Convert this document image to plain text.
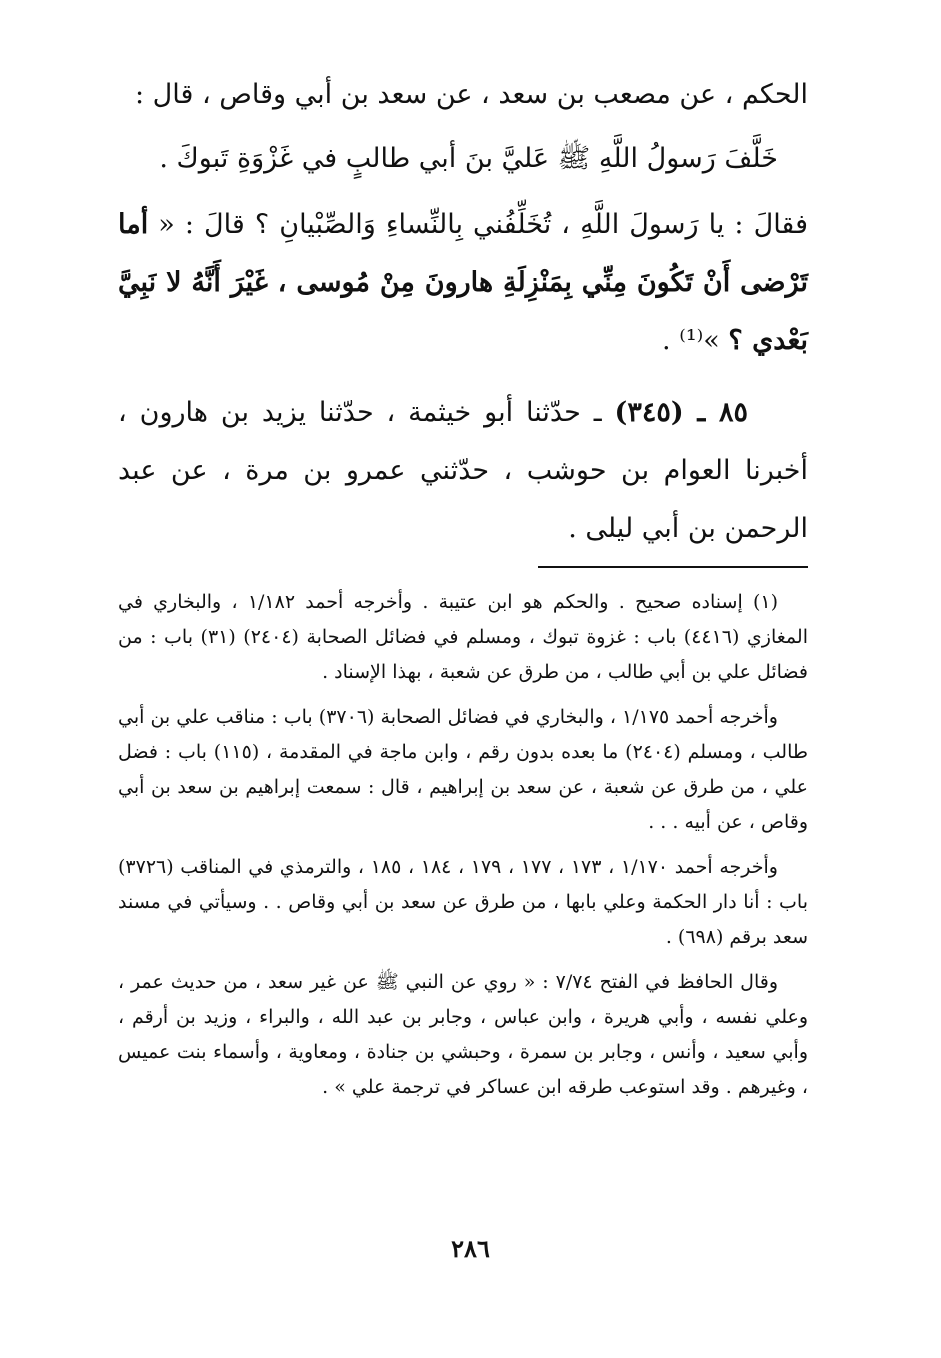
الحكم ، عن مصعب بن سعد ، عن سعد بن أبي وقاص ، قال :

خَلَّفَ رَسولُ اللَّهِ ﷺ عَليَّ بنَ أبي طالبٍ في غَزْوَةِ تَبوكَ .

فقالَ : يا رَسولَ اللَّهِ ، تُخَلِّفُني بِالنِّساءِ وَالصِّبْيانِ ؟ قالَ : « أما تَرْضى أَنْ تَكُونَ مِنِّي بِمَنْزِلَةِ هارونَ مِنْ مُوسى ، غَيْرَ أَنَّهُ لا نَبِيَّ بَعْدي ؟ »⁽¹⁾ .

٨٥ ـ (٣٤٥) ـ حدّثنا أبو خيثمة ، حدّثنا يزيد بن هارون ، أخبرنا العوام بن حوشب ، حدّثني عمرو بن مرة ، عن عبد الرحمن بن أبي ليلى .

(١) إسناده صحيح . والحكم هو ابن عتيبة . وأخرجه أحمد ١/١٨٢ ، والبخاري في المغازي (٤٤١٦) باب : غزوة تبوك ، ومسلم في فضائل الصحابة (٢٤٠٤) (٣١) باب : من فضائل علي بن أبي طالب ، من طرق عن شعبة ، بهذا الإسناد .

وأخرجه أحمد ١/١٧٥ ، والبخاري في فضائل الصحابة (٣٧٠٦) باب : مناقب علي بن أبي طالب ، ومسلم (٢٤٠٤) ما بعده بدون رقم ، وابن ماجة في المقدمة ، (١١٥) باب : فضل علي ، من طرق عن شعبة ، عن سعد بن إبراهيم ، قال : سمعت إبراهيم بن سعد بن أبي وقاص ، عن أبيه . . .

وأخرجه أحمد ١/١٧٠ ، ١٧٣ ، ١٧٧ ، ١٧٩ ، ١٨٤ ، ١٨٥ ، والترمذي في المناقب (٣٧٢٦) باب : أنا دار الحكمة وعلي بابها ، من طرق عن سعد بن أبي وقاص . . وسيأتي في مسند سعد برقم (٦٩٨) .

وقال الحافظ في الفتح ٧/٧٤ : « روي عن النبي ﷺ عن غير سعد ، من حديث عمر ، وعلي نفسه ، وأبي هريرة ، وابن عباس ، وجابر بن عبد الله ، والبراء ، وزيد بن أرقم ، وأبي سعيد ، وأنس ، وجابر بن سمرة ، وحبشي بن جنادة ، ومعاوية ، وأسماء بنت عميس ، وغيرهم . وقد استوعب طرقه ابن عساكر في ترجمة علي » .

٢٨٦
